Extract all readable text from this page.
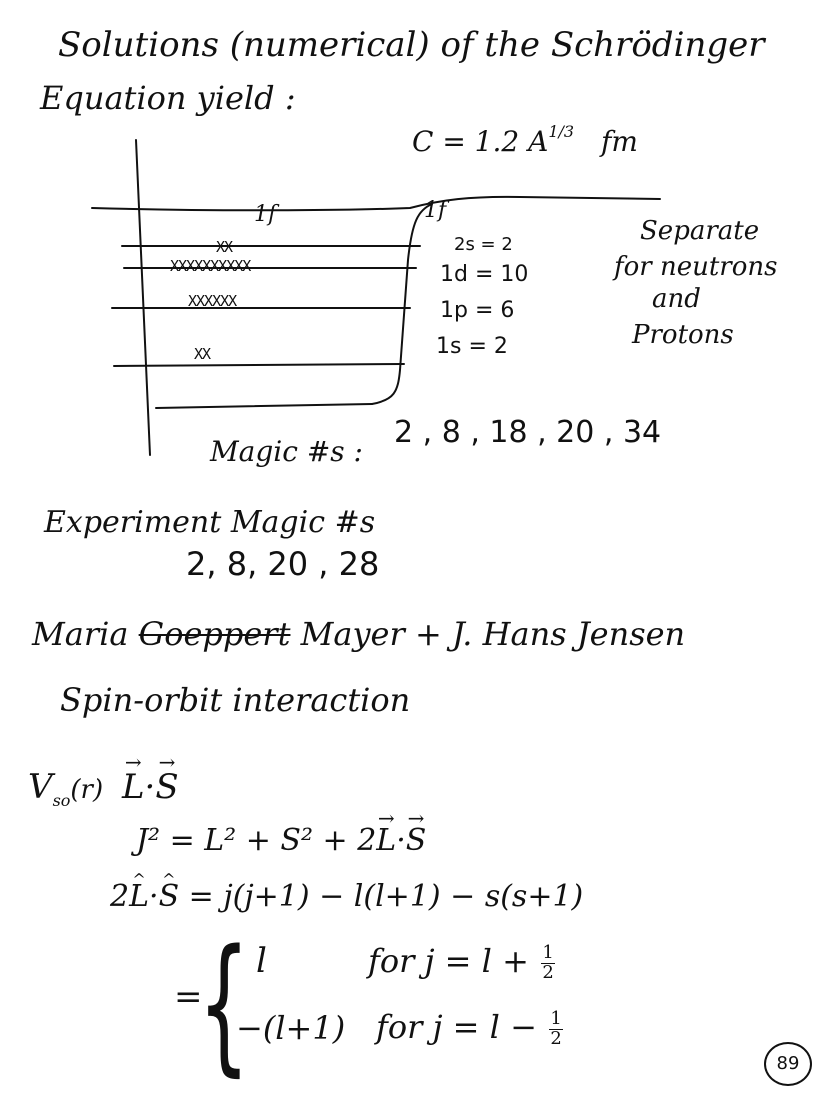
Solutions (numerical) of the Schrödinger
Equation yield :
C = 1.2 $A^{1/3}$ fm
1f	1f
XX
XXXXXXXXXX
XXXXXX
XX
2s = 2
1d = 10
1p = 6
1s = 2
Separate
for neutrons
and
Protons
Magic #s :
2 , 8 , 18 , 20 , 34
Experiment Magic #s
2, 8, 20 , 28
Maria Goeppert Mayer + J. Hans Jensen
Spin-orbit interaction
$V_{so}(r) \to L\cdot\to S$
J² = L² + S² + 2→ L·→ S
2^ L·^ S = j(j+1) − l(l+1) − s(s+1)
=
{ l	for $j = l + \frac{1}{2}$
−(l+1) for $j = l - \frac{1}{2}$
89
